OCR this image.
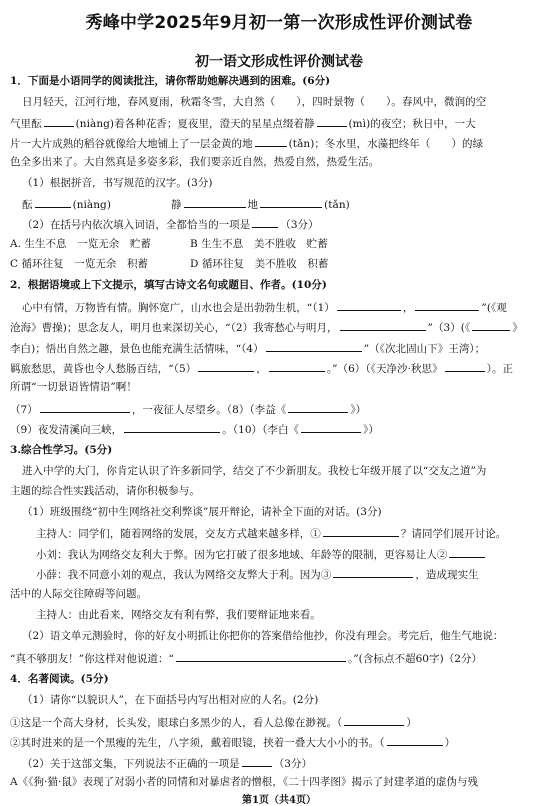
秀峰中学2025年9月初一第一次形成性评价测试卷
初一语文形成性评价测试卷
1．下面是小语同学的阅读批注，请你帮助她解决遇到的困难。(6分)
日月轻天，江河行地，春风夏雨，秋霜冬雪，大自然（　　），四时景物（　　）。春风中，微润的空
气里酝	(niàng)着各种花香；夏夜里，澄天的星星点缀着静	(mì)的夜空；秋日中，一大
片一大片成熟的稻谷就像给大地铺上了一层金黄的地	(tǎn)；冬水里，水藻把终年（　　）的绿
色全多出来了。大自然真是多姿多彩，我们要亲近自然，热爱自然，热爱生活。
（1）根据拼音，书写规范的汉字。(3分)
酝	(niàng)	静	地	(tǎn)
（2）在括号内依次填入词语，全都恰当的一项是	（3分）
A. 生生不息　一览无余　贮蓄	B 生生不息　美不胜收　贮蓄
C 循环往复　一览无余　积蓄	D 循环往复　美不胜收　积蓄
2．根据语境或上下文提示，填写古诗文名句或题目、作者。(10分)
心中有情，万物皆有情。胸怀宽广，山水也会是出勃勃生机，“（1）	，	”(《观
沧海》曹操)；思念友人，明月也来深切关心，“（2）我寄愁心与明月，	”（3）(《	》
李白)；悟出自然之趣，景色也能充满生活情味，“（4）	”（《次北固山下》王湾）；
羁旅愁思，黄昏也令人愁肠百结，“（5）	，	。”（6）（《天净沙·秋思》	）。正
所谓“一切景语皆情语”啊！
（7）	，一夜征人尽望乡。（8）（李益《	》）
（9）夜发清溪向三峡，	。（10）（李白《	》）
3.综合性学习。(5分)
进入中学的大门，你肯定认识了许多新同学，结交了不少新朋友。我校七年级开展了以“交友之道”为
主题的综合性实践活动，请你积极参与。
（1）班级围绕“初中生网络社交利弊谈”展开辩论，请补全下面的对话。(3分)
主持人：同学们，随着网络的发展，交友方式越来越多样，①	？请同学们展开讨论。
小刘：我认为网络交友利大于弊。因为它打破了很多地域、年龄等的限制，更容易让人②
小薛：我不同意小刘的观点，我认为网络交友弊大于利。因为③	，造成现实生
活中的人际交往障碍等问题。
主持人：由此看来，网络交友有利有弊，我们要辩证地来看。
（2）语文单元测验时，你的好友小明抓让你把你的答案借给他抄，你没有理会。考完后，他生气地说：
“真不够朋友！”你这样对他说道：“	。”(含标点不超60字)（2分）
4．名著阅读。(5分)
（1）请你“以貌识人”，在下面括号内写出相对应的人名。(2分)
①这是一个高大身材，长头发，眼球白多黑少的人，看人总像在渺视。（	）
②其时进来的是一个黑瘦的先生，八字须，戴着眼镜，挟着一叠大大小小的书。（	）
（2）关于这部文集，下列说法不正确的一项是	（3分）
A《《狗·猫·鼠》表现了对弱小者的同情和对暴虐者的憎根，《二十四孝图》揭示了封建孝道的虚伪与残
第1页（共4页）
